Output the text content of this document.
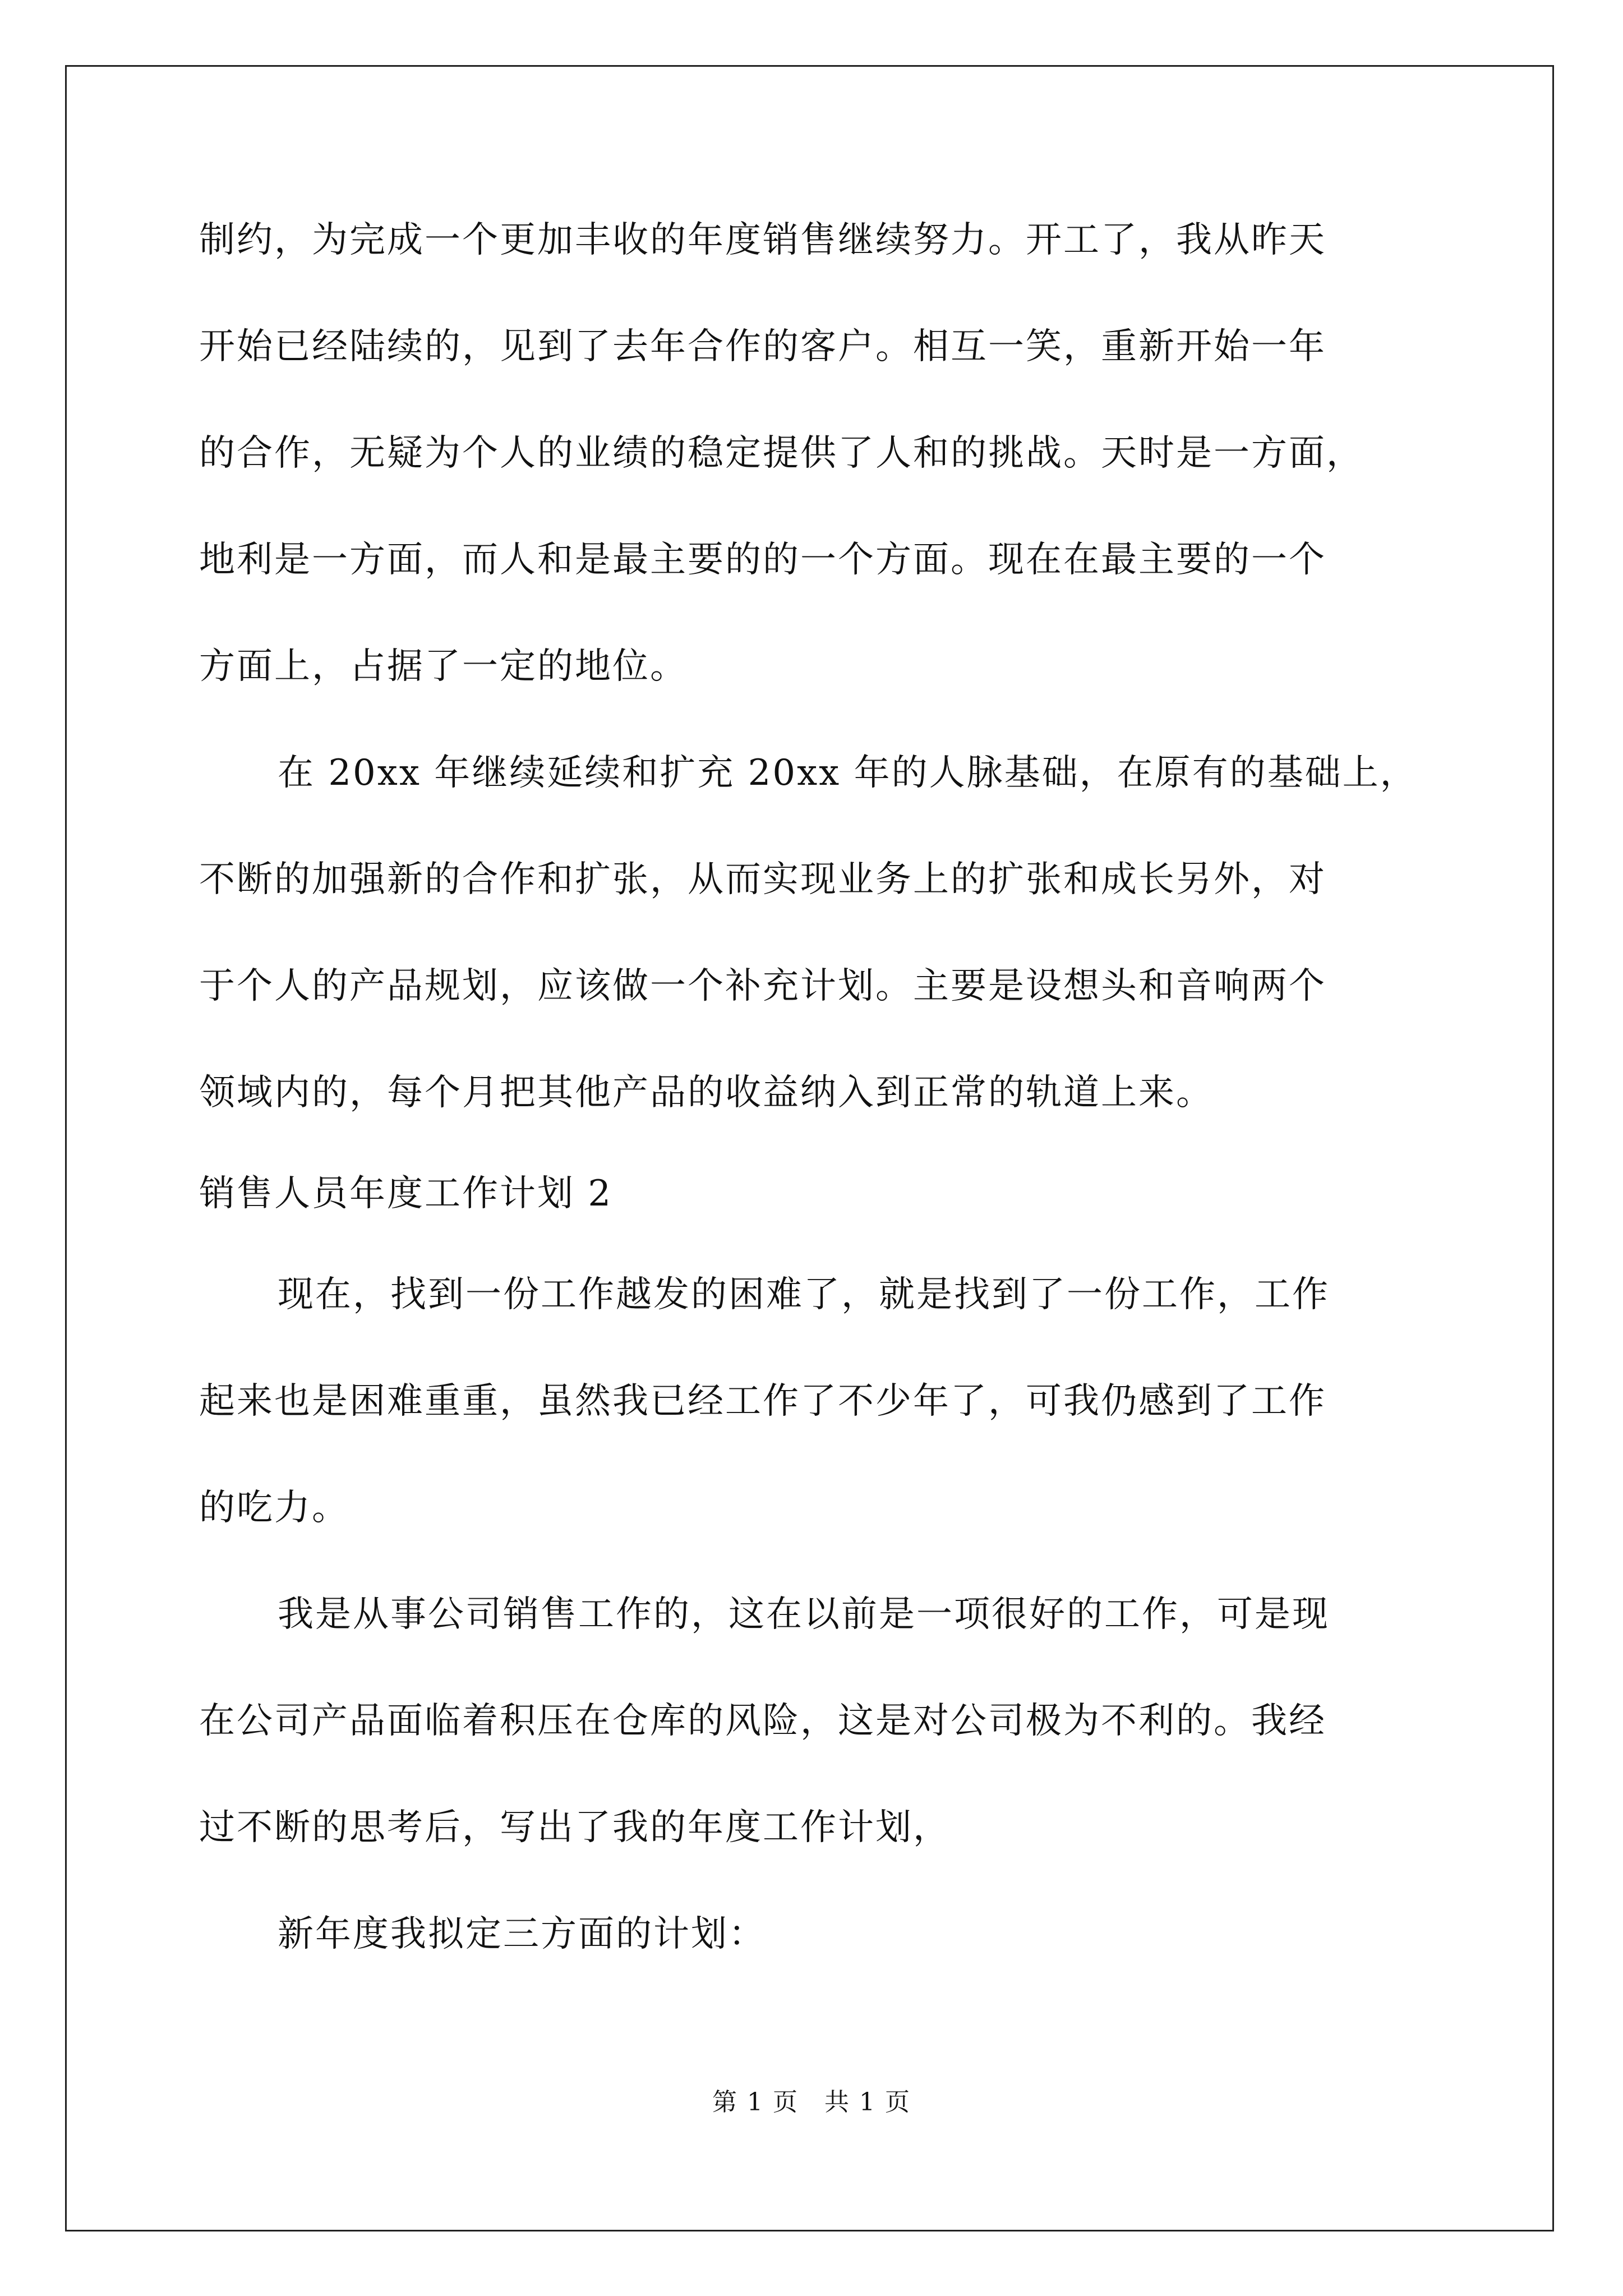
制约，为完成一个更加丰收的年度销售继续努力。开工了，我从昨天
开始已经陆续的，见到了去年合作的客户。相互一笑，重新开始一年
的合作，无疑为个人的业绩的稳定提供了人和的挑战。天时是一方面，
地利是一方面，而人和是最主要的的一个方面。现在在最主要的一个
方面上，占据了一定的地位。
在 20xx 年继续延续和扩充 20xx 年的人脉基础，在原有的基础上，
不断的加强新的合作和扩张，从而实现业务上的扩张和成长另外，对
于个人的产品规划，应该做一个补充计划。主要是设想头和音响两个
领域内的，每个月把其他产品的收益纳入到正常的轨道上来。
销售人员年度工作计划 2
现在，找到一份工作越发的困难了，就是找到了一份工作，工作
起来也是困难重重，虽然我已经工作了不少年了，可我仍感到了工作
的吃力。
我是从事公司销售工作的，这在以前是一项很好的工作，可是现
在公司产品面临着积压在仓库的风险，这是对公司极为不利的。我经
过不断的思考后，写出了我的年度工作计划，
新年度我拟定三方面的计划：
第 1 页　共 1 页
